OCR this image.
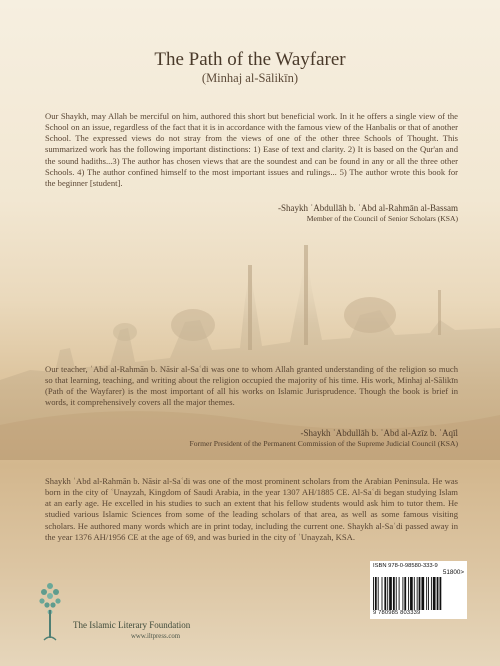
The Path of the Wayfarer
(Minhaj al-Sālikīn)

Our Shaykh, may Allah be merciful on him, authored this short but beneficial work. In it he offers a single view of the School on an issue, regardless of the fact that it is in accordance with the famous view of the Hanbalis or that of another School. The expressed views do not stray from the views of one of the other three Schools of Thought. This summarized work has the following important distinctions: 1) Ease of text and clarity. 2) It is based on the Qur'an and the sound hadiths...3) The author has chosen views that are the soundest and can be found in any or all the three other Schools. 4) The author confined himself to the most important issues and rulings... 5) The author wrote this book for the beginner [student].

-Shaykh ʿAbdullāh b. ʿAbd al-Rahmān al-Bassam
Member of the Council of Senior Scholars (KSA)

Our teacher, ʿAbd al-Rahmān b. Nāsir al-Saʿdi was one to whom Allah granted understanding of the religion so much so that learning, teaching, and writing about the religion occupied the majority of his time. His work, Minhaj al-Sālikīn (Path of the Wayfarer) is the most important of all his works on Islamic Jurisprudence. Though the book is brief in words, it comprehensively covers all the major themes.

-Shaykh ʿAbdullāh b. ʿAbd al-Azīz b. ʿAqīl
Former President of the Permanent Commission of the Supreme Judicial Council (KSA)

Shaykh ʿAbd al-Rahmān b. Nāsir al-Saʿdi was one of the most prominent scholars from the Arabian Peninsula. He was born in the city of ʿUnayzah, Kingdom of Saudi Arabia, in the year 1307 AH/1885 CE. Al-Saʿdi began studying Islam at an early age. He excelled in his studies to such an extent that his fellow students would ask him to tutor them. He studied various Islamic Sciences from some of the leading scholars of that area, as well as some famous visiting scholars. He authored many words which are in print today, including the current one. Shaykh al-Saʿdi passed away in the year 1376 AH/1956 CE at the age of 69, and was buried in the city of ʿUnayzah, KSA.

The Islamic Literary Foundation
www.iltpress.com
ISBN 978-0-98580-333-9
51800>
9 780985 803339
